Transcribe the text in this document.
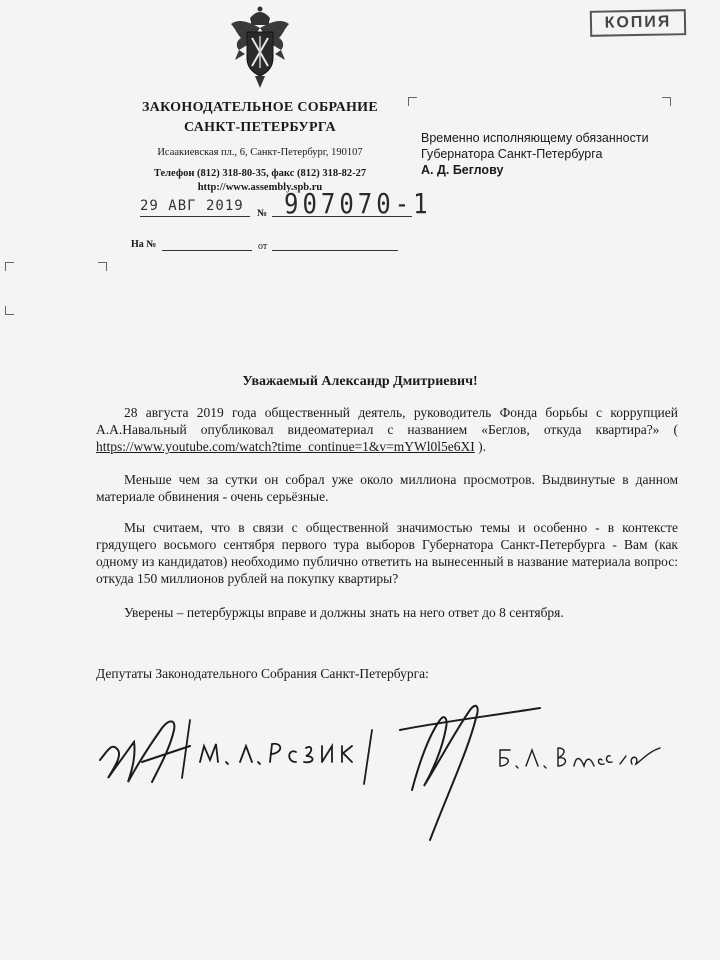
КОПИЯ
ЗАКОНОДАТЕЛЬНОЕ СОБРАНИЕ
САНКТ-ПЕТЕРБУРГА
Исаакиевская пл., 6, Санкт-Петербург, 190107
Телефон (812) 318-80-35, факс (812) 318-82-27
http://www.assembly.spb.ru
29 АВГ 2019 № 907070-1
На №	от
Временно исполняющему обязанности
Губернатора Санкт-Петербурга
А. Д. Беглову
Уважаемый Александр Дмитриевич!
28 августа 2019 года общественный деятель, руководитель Фонда борьбы с коррупцией А.А.Навальный опубликовал видеоматериал с названием «Беглов, откуда квартира?» ( https://www.youtube.com/watch?time_continue=1&v=mYWl0l5e6XI ).
Меньше чем за сутки он собрал уже около миллиона просмотров. Выдвинутые в данном материале обвинения - очень серьёзные.
Мы считаем, что в связи с общественной значимостью темы и особенно - в контексте грядущего восьмого сентября первого тура выборов Губернатора Санкт-Петербурга - Вам (как одному из кандидатов) необходимо публично ответить на вынесенный в название материала вопрос: откуда 150 миллионов рублей на покупку квартиры?
Уверены – петербуржцы вправе и должны знать на него ответ до 8 сентября.
Депутаты Законодательного Собрания Санкт-Петербурга:
